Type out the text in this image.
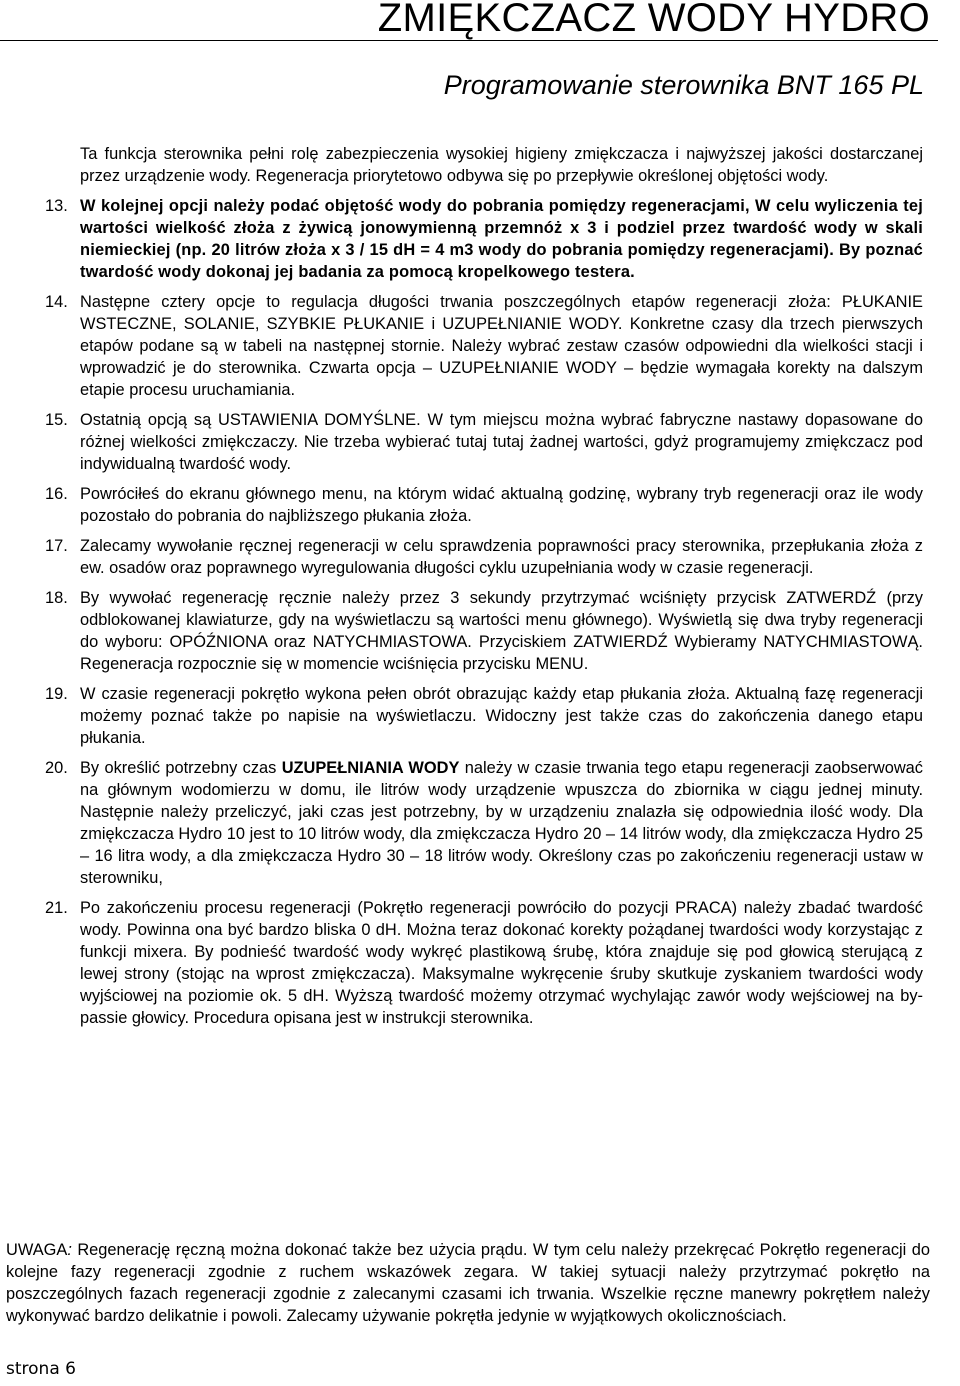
ZMIĘKCZACZ WODY HYDRO
Programowanie sterownika BNT 165 PL

Ta funkcja sterownika pełni rolę zabezpieczenia wysokiej higieny zmiękczacza i najwyższej jakości dostarczanej przez urządzenie wody. Regeneracja priorytetowo odbywa się po przepływie określonej objętości wody.

13. W kolejnej opcji należy podać objętość wody do pobrania pomiędzy regeneracjami, W celu wyliczenia tej wartości wielkość złoża z żywicą jonowymienną przemnóż x 3 i podziel przez twardość wody w skali niemieckiej (np. 20 litrów złoża x 3 / 15 dH = 4 m3 wody do pobrania pomiędzy regeneracjami). By poznać twardość wody dokonaj jej badania za pomocą kropelkowego testera.
14. Następne cztery opcje to regulacja długości trwania poszczególnych etapów regeneracji złoża: PŁUKANIE WSTECZNE, SOLANIE, SZYBKIE PŁUKANIE i UZUPEŁNIANIE WODY. Konkretne czasy dla trzech pierwszych etapów podane są w tabeli na następnej stornie. Należy wybrać zestaw czasów odpowiedni dla wielkości stacji i wprowadzić je do sterownika. Czwarta opcja – UZUPEŁNIANIE WODY – będzie wymagała korekty na dalszym etapie procesu uruchamiania.
15. Ostatnią opcją są USTAWIENIA DOMYŚLNE. W tym miejscu można wybrać fabryczne nastawy dopasowane do różnej wielkości zmiękczaczy. Nie trzeba wybierać tutaj tutaj żadnej wartości, gdyż programujemy zmiękczacz pod indywidualną twardość wody.
16. Powróciłeś do ekranu głównego menu, na którym widać aktualną godzinę, wybrany tryb regeneracji oraz ile wody pozostało do pobrania do najbliższego płukania złoża.
17. Zalecamy wywołanie ręcznej regeneracji w celu sprawdzenia poprawności pracy sterownika, przepłukania złoża z ew. osadów oraz poprawnego wyregulowania długości cyklu uzupełniania wody w czasie regeneracji.
18. By wywołać regenerację ręcznie należy przez 3 sekundy przytrzymać wciśnięty przycisk ZATWERDŹ (przy odblokowanej klawiaturze, gdy na wyświetlaczu są wartości menu głównego). Wyświetlą się dwa tryby regeneracji do wyboru: OPÓŹNIONA oraz NATYCHMIASTOWA. Przyciskiem ZATWIERDŹ Wybieramy NATYCHMIASTOWĄ. Regeneracja rozpocznie się w momencie wciśnięcia przycisku MENU.
19. W czasie regeneracji pokrętło wykona pełen obrót obrazując każdy etap płukania złoża. Aktualną fazę regeneracji możemy poznać także po napisie na wyświetlaczu. Widoczny jest także czas do zakończenia danego etapu płukania.
20. By określić potrzebny czas UZUPEŁNIANIA WODY należy w czasie trwania tego etapu regeneracji zaobserwować na głównym wodomierzu w domu, ile litrów wody urządzenie wpuszcza do zbiornika w ciągu jednej minuty. Następnie należy przeliczyć, jaki czas jest potrzebny, by w urządzeniu znalazła się odpowiednia ilość wody. Dla zmiękczacza Hydro 10 jest to 10 litrów wody, dla zmiękczacza Hydro 20 – 14 litrów wody, dla zmiękczacza Hydro 25 – 16 litra wody, a dla zmiękczacza Hydro 30 – 18 litrów wody. Określony czas po zakończeniu regeneracji ustaw w sterowniku,
21. Po zakończeniu procesu regeneracji (Pokrętło regeneracji powróciło do pozycji PRACA) należy zbadać twardość wody. Powinna ona być bardzo bliska 0 dH. Można teraz dokonać korekty pożądanej twardości wody korzystając z funkcji mixera. By podnieść twardość wody wykręć plastikową śrubę, która znajduje się pod głowicą sterującą z lewej strony (stojąc na wprost zmiękczacza). Maksymalne wykręcenie śruby skutkuje zyskaniem twardości wody wyjściowej na poziomie ok. 5 dH. Wyższą twardość możemy otrzymać wychylając zawór wody wejściowej na by-passie głowicy. Procedura opisana jest w instrukcji sterownika.
UWAGA: Regenerację ręczną można dokonać także bez użycia prądu. W tym celu należy przekręcać Pokrętło regeneracji do kolejne fazy regeneracji zgodnie z ruchem wskazówek zegara. W takiej sytuacji należy przytrzymać pokrętło na poszczególnych fazach regeneracji zgodnie z zalecanymi czasami ich trwania. Wszelkie ręczne manewry pokrętłem należy wykonywać bardzo delikatnie i powoli. Zalecamy używanie pokrętła jedynie w wyjątkowych okolicznościach.
strona 6
